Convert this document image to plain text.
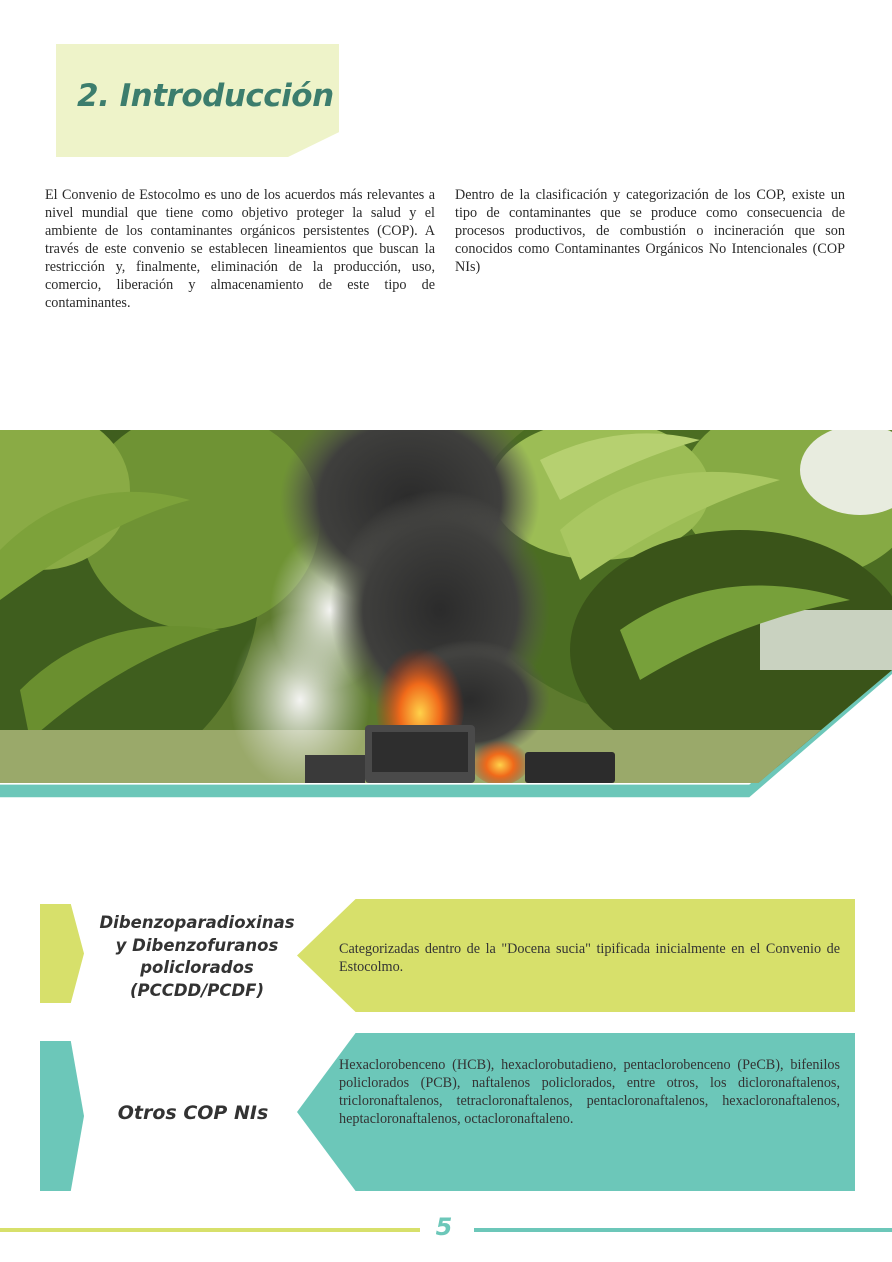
2. Introducción

El Convenio de Estocolmo es uno de los acuerdos más relevantes a nivel mundial que tiene como objetivo proteger la salud y el ambiente de los contaminantes orgánicos persistentes (COP). A través de este convenio se establecen lineamientos que buscan la restricción y, finalmente, eliminación de la producción, uso, comercio, liberación y almacenamiento de este tipo de contaminantes.

Dentro de la clasificación y categorización de los COP, existe un tipo de contaminantes que se produce como consecuencia de procesos productivos, de combustión o incineración que son conocidos como Contaminantes Orgánicos No Intencionales (COP NIs)

Dibenzoparadioxinas
y Dibenzofuranos
policlorados
(PCCDD/PCDF)
Categorizadas dentro de la "Docena sucia" tipificada inicialmente en el Convenio de Estocolmo.
Otros COP NIs
Hexaclorobenceno (HCB), hexaclorobutadieno, pentaclorobenceno (PeCB), bifenilos policlorados (PCB), naftalenos policlorados, entre otros, los dicloronaftalenos, tricloronaftalenos, tetracloronaftalenos, pentacloronaftalenos, hexacloronaftalenos, heptacloronaftalenos, octacloronaftaleno.
5
